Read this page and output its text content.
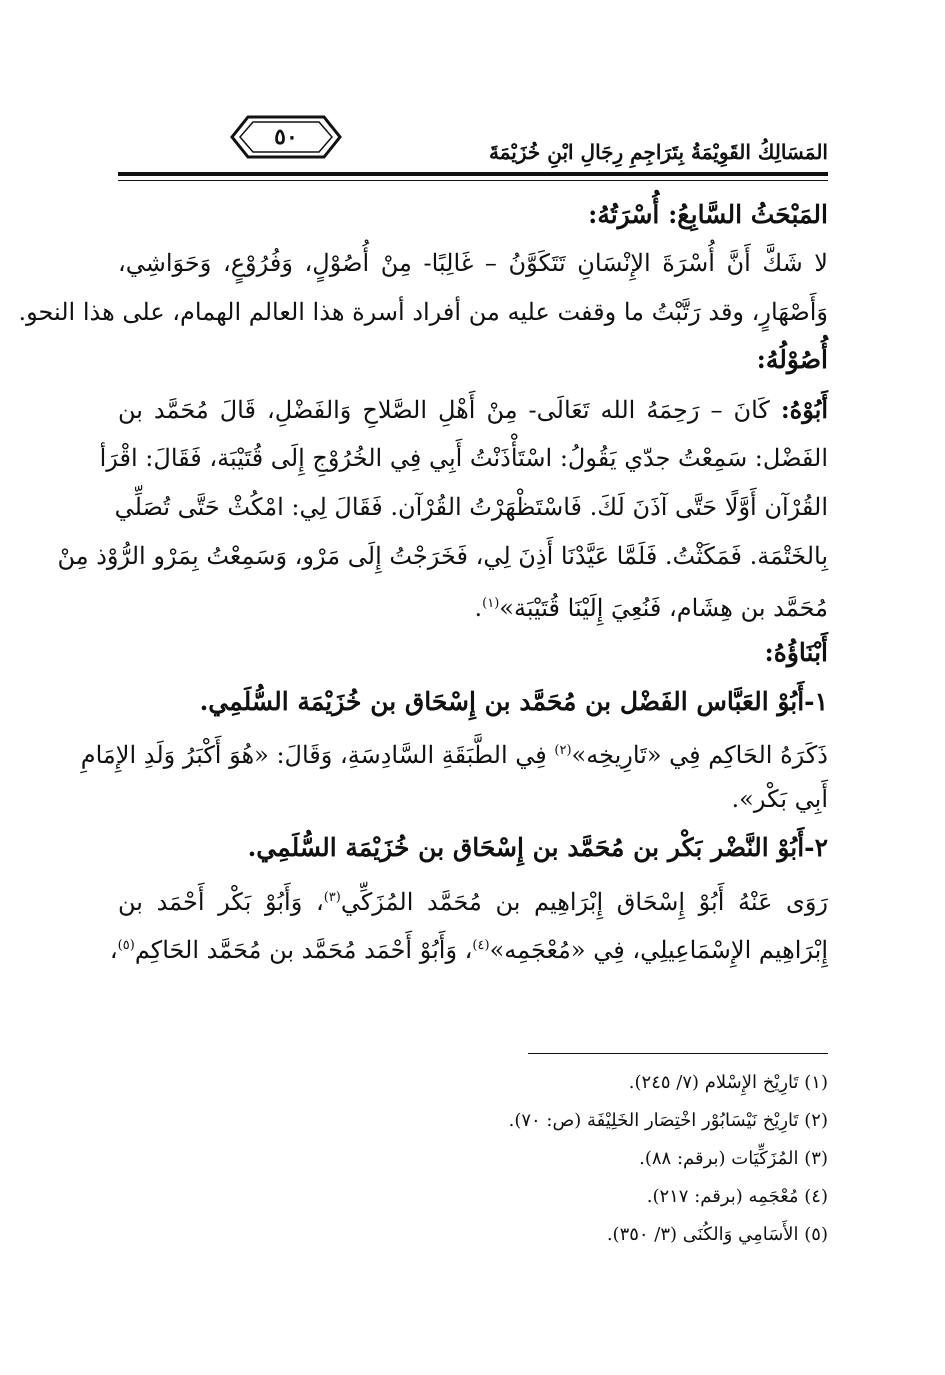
المَسَالِكُ القَوِيْمَةُ بِتَرَاجِمِ رِجَالِ ابْنِ خُزَيْمَةَ
٥٠
المَبْحَثُ السَّابِعُ: أُسْرَتُهُ:
لا شَكَّ أَنَّ أُسْرَةَ الإِنْسَانِ تَتَكَوَّنُ – غَالِبًا- مِنْ أُصُوْلٍ، وَفُرُوْعٍ، وَحَوَاشِي،
وَأَصْهَارٍ، وقد رَتَّبْتُ ما وقفت عليه من أفراد أسرة هذا العالم الهمام، على هذا النحو.
أُصُوْلُهُ:
أَبُوْهُ: كَانَ – رَحِمَهُ الله تَعَالَى- مِنْ أَهْلِ الصَّلاحِ وَالفَضْلِ، قَالَ مُحَمَّد بن
الفَضْل: سَمِعْتُ جدّي يَقُولُ: اسْتَأْذَنْتُ أَبِي فِي الخُرُوْجِ إِلَى قُتَيْبَة، فَقَالَ: اقْرَأ
القُرْآن أَوَّلًا حَتَّى آذَنَ لَكَ. فَاسْتَظْهَرْتُ القُرْآن. فَقَالَ لِي: امْكُثْ حَتَّى تُصَلِّي
بِالخَتْمَة. فَمَكَثْتُ. فَلَمَّا عَيَّدْنَا أَذِنَ لِي، فَخَرَجْتُ إِلَى مَرْو، وَسَمِعْتُ بِمَرْو الرُّوْذ مِنْ
مُحَمَّد بن هِشَام، فَنُعِيَ إِلَيْنَا قُتَيْبَة»$^{(١)}$.
أَبْنَاؤُهُ:
١-أَبُوْ العَبَّاس الفَضْل بن مُحَمَّد بن إِسْحَاق بن خُزَيْمَة السُّلَمِي.
ذَكَرَهُ الحَاكِم فِي «تَارِيخِه»$^{(٢)}$ فِي الطَّبَقَةِ السَّادِسَةِ، وَقَالَ: «هُوَ أَكْبَرُ وَلَدِ الإِمَامِ
أَبِي بَكْر».
٢-أَبُوْ النَّضْر بَكْر بن مُحَمَّد بن إِسْحَاق بن خُزَيْمَة السُّلَمِي.
رَوَى عَنْهُ أَبُوْ إِسْحَاق إِبْرَاهِيم بن مُحَمَّد المُزَكِّي$^{(٣)}$، وَأَبُوْ بَكْر أَحْمَد بن
إِبْرَاهِيم الإِسْمَاعِيلِي، فِي «مُعْجَمِه»$^{(٤)}$، وَأَبُوْ أَحْمَد مُحَمَّد بن مُحَمَّد الحَاكِم$^{(٥)}$،
(١) تَارِيْخ الإِسْلام (٧/ ٢٤٥).
(٢) تَارِيْخ نَيْسَابُوْر اخْتِصَار الخَلِيْفَة (ص: ٧٠).
(٣) المُزَكِّيَات (برقم: ٨٨).
(٤) مُعْجَمِه (برقم: ٢١٧).
(٥) الأَسَامِي وَالكُنَى (٣/ ٣٥٠).
